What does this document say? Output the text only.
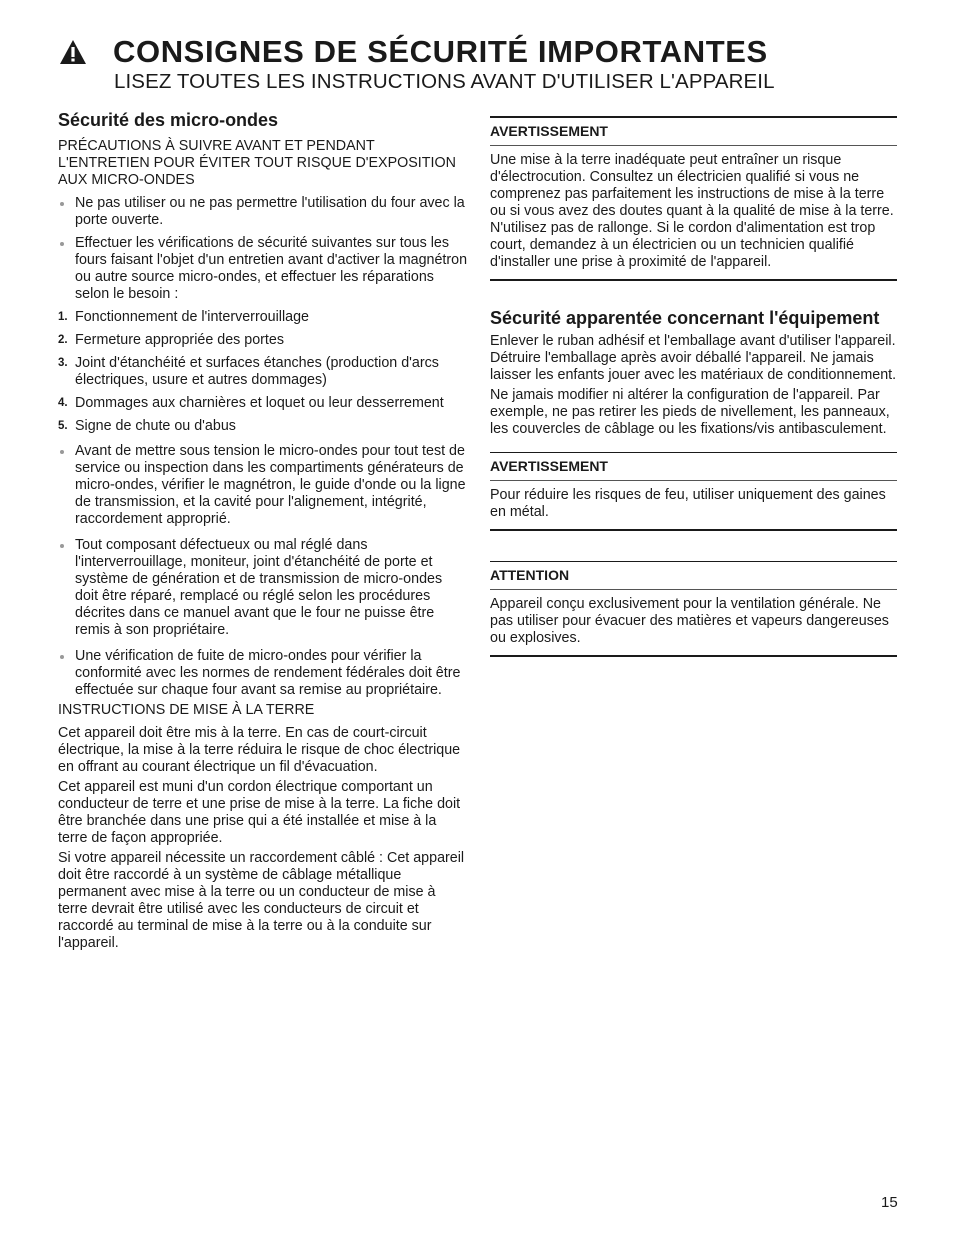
CONSIGNES DE SÉCURITÉ IMPORTANTES
LISEZ TOUTES LES INSTRUCTIONS AVANT D'UTILISER L'APPAREIL
Sécurité des micro-ondes

PRÉCAUTIONS À SUIVRE AVANT ET PENDANT L'ENTRETIEN POUR ÉVITER TOUT RISQUE D'EXPOSITION AUX MICRO-ONDES

Ne pas utiliser ou ne pas permettre l'utilisation du four avec la porte ouverte.
Effectuer les vérifications de sécurité suivantes sur tous les fours faisant l'objet d'un entretien avant d'activer la magnétron ou autre source micro-ondes, et effectuer les réparations selon le besoin :
1. Fonctionnement de l'interverrouillage
2. Fermeture appropriée des portes
3. Joint d'étanchéité et surfaces étanches (production d'arcs électriques, usure et autres dommages)
4. Dommages aux charnières et loquet ou leur desserrement
5. Signe de chute ou d'abus
Avant de mettre sous tension le micro-ondes pour tout test de service ou inspection dans les compartiments générateurs de micro-ondes, vérifier le magnétron, le guide d'onde ou la ligne de transmission, et la cavité pour l'alignement, intégrité, raccordement approprié.
Tout composant défectueux ou mal réglé dans l'interverrouillage, moniteur, joint d'étanchéité de porte et système de génération et de transmission de micro-ondes doit être réparé, remplacé ou réglé selon les procédures décrites dans ce manuel avant que le four ne puisse être remis à son propriétaire.
Une vérification de fuite de micro-ondes pour vérifier la conformité avec les normes de rendement fédérales doit être effectuée sur chaque four avant sa remise au propriétaire.

INSTRUCTIONS DE MISE À LA TERRE

Cet appareil doit être mis à la terre. En cas de court-circuit électrique, la mise à la terre réduira le risque de choc électrique en offrant au courant électrique un fil d'évacuation.

Cet appareil est muni d'un cordon électrique comportant un conducteur de terre et une prise de mise à la terre. La fiche doit être branchée dans une prise qui a été installée et mise à la terre de façon appropriée.

Si votre appareil nécessite un raccordement câblé : Cet appareil doit être raccordé à un système de câblage métallique permanent avec mise à la terre ou un conducteur de mise à terre devrait être utilisé avec les conducteurs de circuit et raccordé au terminal de mise à la terre ou à la conduite sur l'appareil.

AVERTISSEMENT
Une mise à la terre inadéquate peut entraîner un risque d'électrocution. Consultez un électricien qualifié si vous ne comprenez pas parfaitement les instructions de mise à la terre ou si vous avez des doutes quant à la qualité de mise à la terre. N'utilisez pas de rallonge. Si le cordon d'alimentation est trop court, demandez à un électricien ou un technicien qualifié d'installer une prise à proximité de l'appareil.
Sécurité apparentée concernant l'équipement

Enlever le ruban adhésif et l'emballage avant d'utiliser l'appareil. Détruire l'emballage après avoir déballé l'appareil. Ne jamais laisser les enfants jouer avec les matériaux de conditionnement.

Ne jamais modifier ni altérer la configuration de l'appareil. Par exemple, ne pas retirer les pieds de nivellement, les panneaux, les couvercles de câblage ou les fixations/vis antibasculement.

AVERTISSEMENT
Pour réduire les risques de feu, utiliser uniquement des gaines en métal.
ATTENTION
Appareil conçu exclusivement pour la ventilation générale. Ne pas utiliser pour évacuer des matières et vapeurs dangereuses ou explosives.
15
